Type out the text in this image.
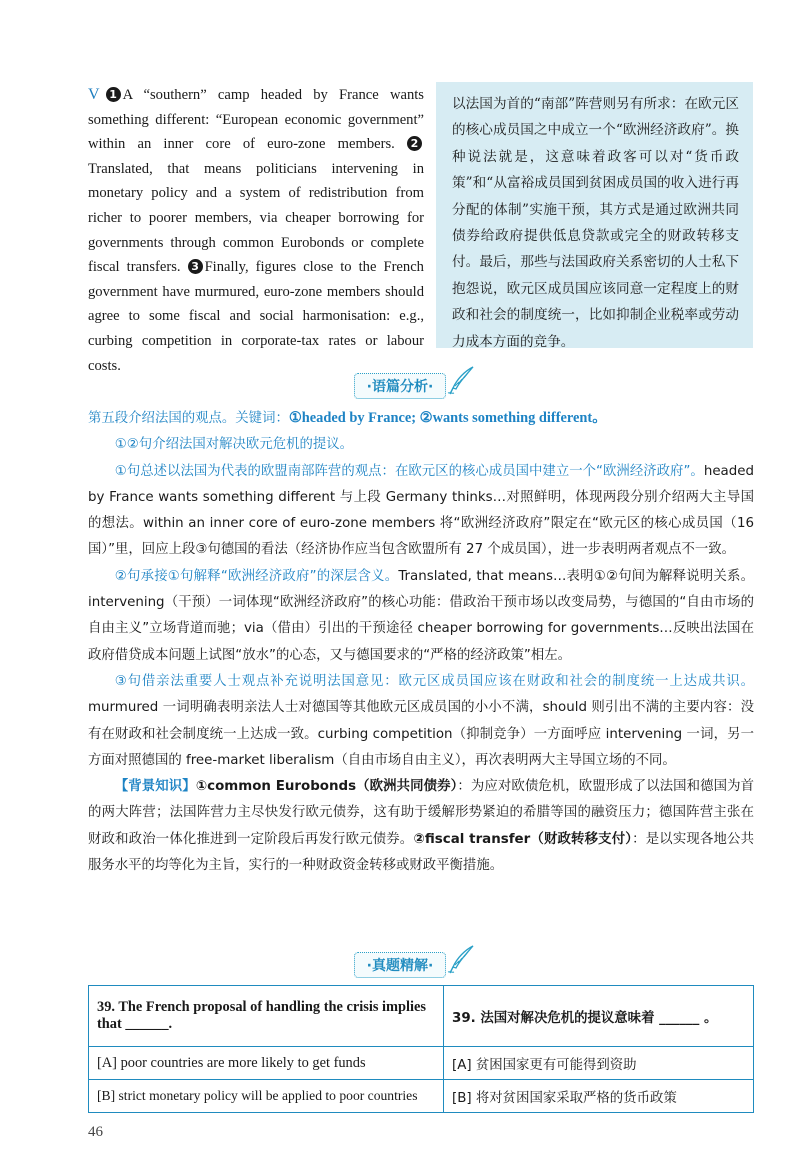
V 1 A “southern” camp headed by France wants something different: “European economic government” within an inner core of euro-zone members. 2Translated, that means politicians intervening in monetary policy and a system of redistribution from richer to poorer members, via cheaper borrowing for governments through common Eurobonds or complete fiscal transfers. 3 Finally, figures close to the French government have murmured, euro-zone members should agree to some fiscal and social harmonisation: e.g., curbing competition in corporate-tax rates or labour costs.
以法国为首的“南部”阵营则另有所求：在欧元区的核心成员国之中成立一个“欧洲经济政府”。换种说法就是，这意味着政客可以对“货币政策”和“从富裕成员国到贫困成员国的收入进行再分配的体制”实施干预，其方式是通过欧洲共同债券给政府提供低息贷款或完全的财政转移支付。最后，那些与法国政府关系密切的人士私下抱怨说，欧元区成员国应该同意一定程度上的财政和社会的制度统一，比如抑制企业税率或劳动力成本方面的竞争。
·语篇分析·

第五段介绍法国的观点。关键词：①headed by France; ②wants something different。

①②句介绍法国对解决欧元危机的提议。

①句总述以法国为代表的欧盟南部阵营的观点：在欧元区的核心成员国中建立一个“欧洲经济政府”。headed by France wants something different 与上段 Germany thinks…对照鲜明，体现两段分别介绍两大主导国的想法。within an inner core of euro-zone members 将“欧洲经济政府”限定在“欧元区的核心成员国（16国）”里，回应上段③句德国的看法（经济协作应当包含欧盟所有 27 个成员国），进一步表明两者观点不一致。

②句承接①句解释“欧洲经济政府”的深层含义。Translated, that means…表明①②句间为解释说明关系。intervening（干预）一词体现“欧洲经济政府”的核心功能：借政治干预市场以改变局势，与德国的“自由市场的自由主义”立场背道而驰；via（借由）引出的干预途径 cheaper borrowing for governments…反映出法国在政府借贷成本问题上试图“放水”的心态，又与德国要求的“严格的经济政策”相左。

③句借亲法重要人士观点补充说明法国意见：欧元区成员国应该在财政和社会的制度统一上达成共识。murmured 一词明确表明亲法人士对德国等其他欧元区成员国的小小不满，should 则引出不满的主要内容：没有在财政和社会制度统一上达成一致。curbing competition（抑制竞争）一方面呼应 intervening 一词，另一方面对照德国的 free-market liberalism（自由市场自由主义），再次表明两大主导国立场的不同。

【背景知识】①common Eurobonds（欧洲共同债券）：为应对欧债危机，欧盟形成了以法国和德国为首的两大阵营；法国阵营力主尽快发行欧元债券，这有助于缓解形势紧迫的希腊等国的融资压力；德国阵营主张在财政和政治一体化推进到一定阶段后再发行欧元债券。②fiscal transfer（财政转移支付）：是以实现各地公共服务水平的均等化为主旨，实行的一种财政资金转移或财政平衡措施。

·真题精解·
39. The French proposal of handling the crisis implies that ______.	39. 法国对解决危机的提议意味着 ______ 。
[A] poor countries are more likely to get funds	[A] 贫困国家更有可能得到资助
[B] strict monetary policy will be applied to poor countries	[B] 将对贫困国家采取严格的货币政策
46
